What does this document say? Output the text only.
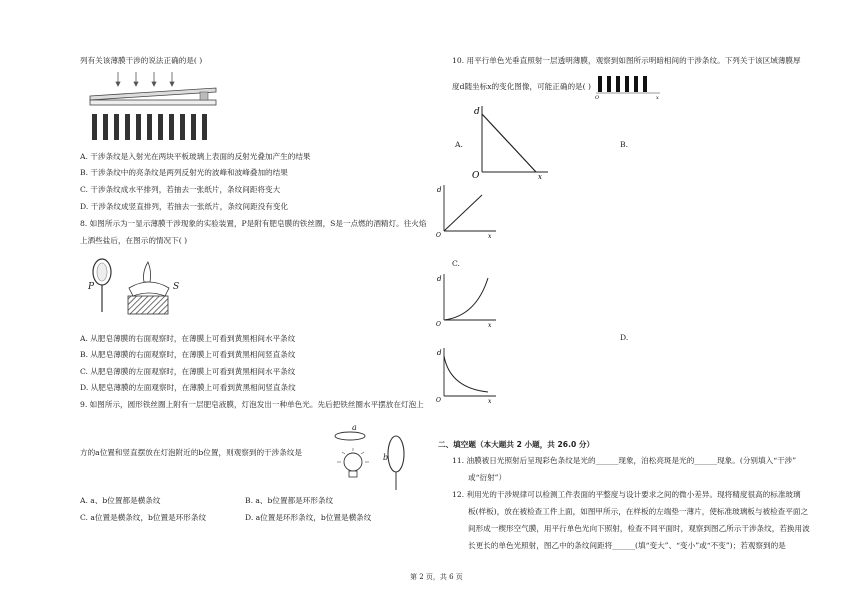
列有关该薄膜干涉的说法正确的是( )
A. 干涉条纹是入射光在两块平板玻璃上表面的反射光叠加产生的结果
B. 干涉条纹中的亮条纹是两列反射光的波峰和波峰叠加的结果
C. 干涉条纹成水平排列，若抽去一张纸片，条纹间距将变大
D. 干涉条纹成竖直排列，若抽去一张纸片，条纹间距没有变化
8. 如图所示为一显示薄膜干涉现象的实验装置，P是附有肥皂膜的铁丝圈，S是一点燃的酒精灯。往火焰
上洒些盐后，在图示的情况下( )
P	S
A. 从肥皂薄膜的右面观察时，在薄膜上可看到黄黑相间水平条纹
B. 从肥皂薄膜的右面观察时，在薄膜上可看到黄黑相间竖直条纹
C. 从肥皂薄膜的左面观察时，在薄膜上可看到黄黑相间水平条纹
D. 从肥皂薄膜的左面观察时，在薄膜上可看到黄黑相间竖直条纹
9. 如图所示，圆形铁丝圈上附有一层肥皂液膜，灯泡发出一种单色光。先后把铁丝圈水平摆放在灯泡上
方的a位置和竖直摆放在灯泡附近的b位置，则观察到的干涉条纹是
a
b
A. a、b位置都是横条纹	B. a、b位置都是环形条纹
C. a位置是横条纹，b位置是环形条纹	D. a位置是环形条纹，b位置是横条纹
10. 用平行单色光垂直照射一层透明薄膜，观察到如图所示明暗相间的干涉条纹。下列关于该区域薄膜厚
度d随坐标x的变化图像，可能正确的是( )
O	x
A.	B.
d
O	x
d
O	x
C.
d
O	x
D.
d
O	x
二、填空题（本大题共 2 小题，共 26.0 分）
11. 油膜被日光照射后呈现彩色条纹是光的______现象，泊松亮斑是光的______现象。(分别填入“干涉”
或“衍射”）
12. 利用光的干涉规律可以检测工件表面的平整度与设计要求之间的微小差异。现将精度很高的标准玻璃
板(样板)，放在被检查工件上面，如图甲所示，在样板的左端垫一薄片，使标准玻璃板与被检查平面之
间形成一楔形空气膜，用平行单色光向下照射，检查不同平面时，观察到图乙所示干涉条纹，若换用波
长更长的单色光照射，图乙中的条纹间距将______(填“变大”、“变小”或“不变”)；若观察到的是
第 2 页，共 6 页
